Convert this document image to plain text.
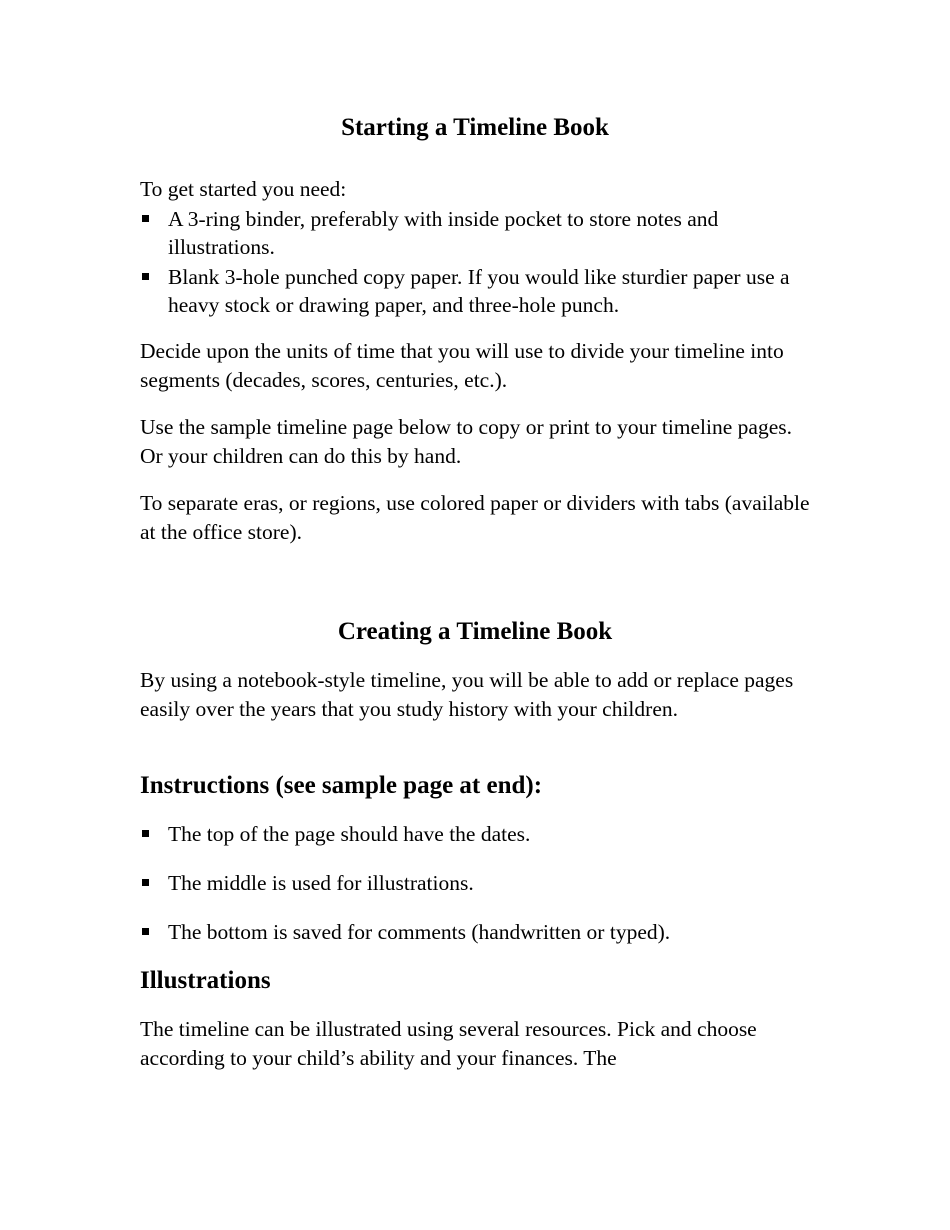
Starting a Timeline Book

To get started you need:

A 3-ring binder, preferably with inside pocket to store notes and illustrations.
Blank 3-hole punched copy paper. If you would like sturdier paper use a heavy stock or drawing paper, and three-hole punch.

Decide upon the units of time that you will use to divide your timeline into segments (decades, scores, centuries, etc.).

Use the sample timeline page below to copy or print to your timeline pages. Or your children can do this by hand.

To separate eras, or regions, use colored paper or dividers with tabs (available at the office store).

Creating a Timeline Book

By using a notebook-style timeline, you will be able to add or replace pages easily over the years that you study history with your children.

Instructions (see sample page at end):
The top of the page should have the dates.
The middle is used for illustrations.
The bottom is saved for comments (handwritten or typed).
Illustrations

The timeline can be illustrated using several resources. Pick and choose according to your child’s ability and your finances. The
